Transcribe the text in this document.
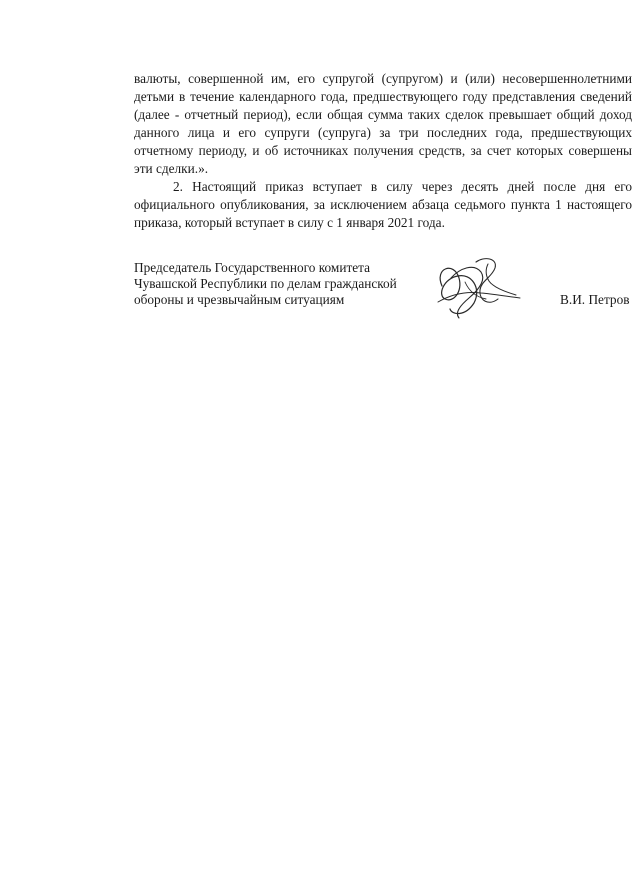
валюты, совершенной им, его супругой (супругом) и (или) несовершеннолетними
детьми в течение календарного года, предшествующего году представления сведений
(далее - отчетный период), если общая сумма таких сделок превышает общий доход
данного лица и его супруги (супруга) за три последних года, предшествующих
отчетному периоду, и об источниках получения средств, за счет которых совершены
эти сделки.».
2. Настоящий приказ вступает в силу через десять дней после дня его
официального опубликования, за исключением абзаца седьмого пункта 1 настоящего
приказа, который вступает в силу с 1 января 2021 года.
Председатель Государственного комитета
Чувашской Республики по делам гражданской
обороны и чрезвычайным ситуациям	В.И. Петров
